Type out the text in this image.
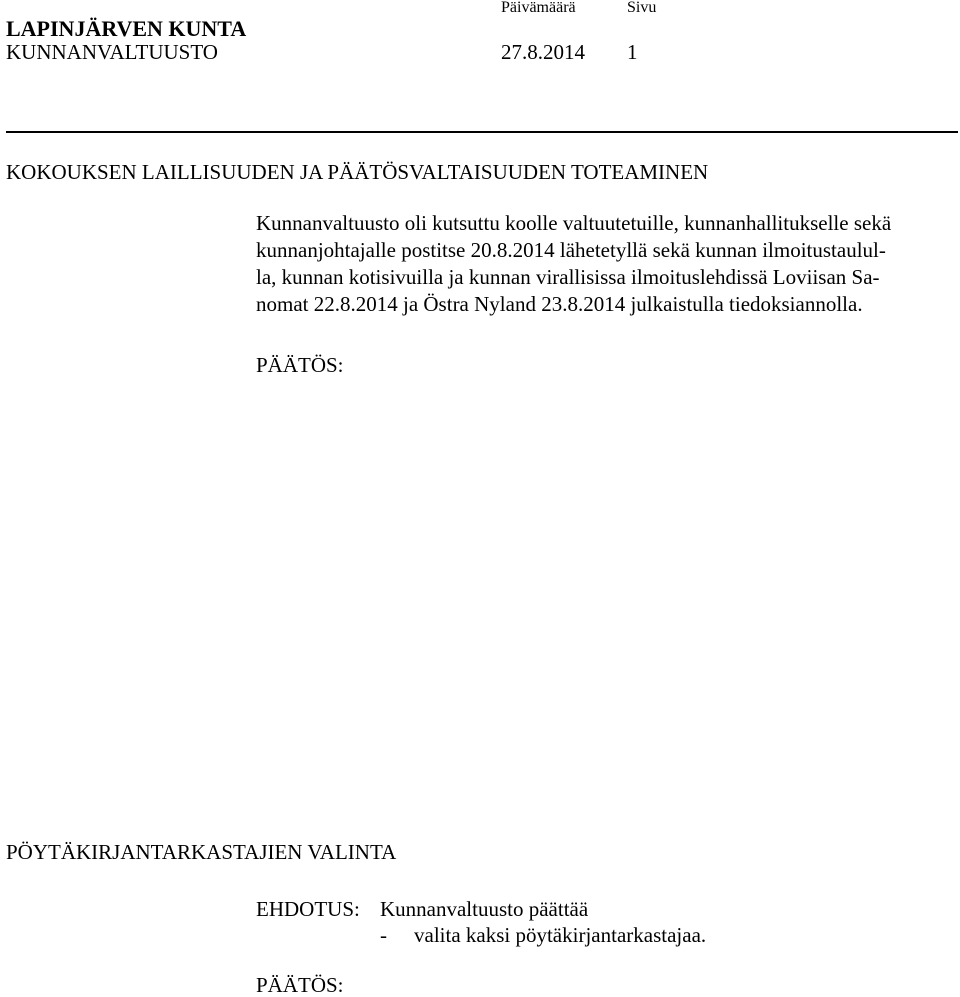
LAPINJÄRVEN KUNTA
KUNNANVALTUUSTO
Päivämäärä	Sivu
27.8.2014 1
KOKOUKSEN LAILLISUUDEN JA PÄÄTÖSVALTAISUUDEN TOTEAMINEN
Kunnanvaltuusto oli kutsuttu koolle valtuutetuille, kunnanhallitukselle sekä
kunnanjohtajalle postitse 20.8.2014 lähetetyllä sekä kunnan ilmoitustaulul-
la, kunnan kotisivuilla ja kunnan virallisissa ilmoituslehdissä Loviisan Sa-
nomat 22.8.2014 ja Östra Nyland 23.8.2014 julkaistulla tiedoksiannolla.
PÄÄTÖS:
PÖYTÄKIRJANTARKASTAJIEN VALINTA
EHDOTUS: Kunnanvaltuusto päättää
- valita kaksi pöytäkirjantarkastajaa.
PÄÄTÖS:
